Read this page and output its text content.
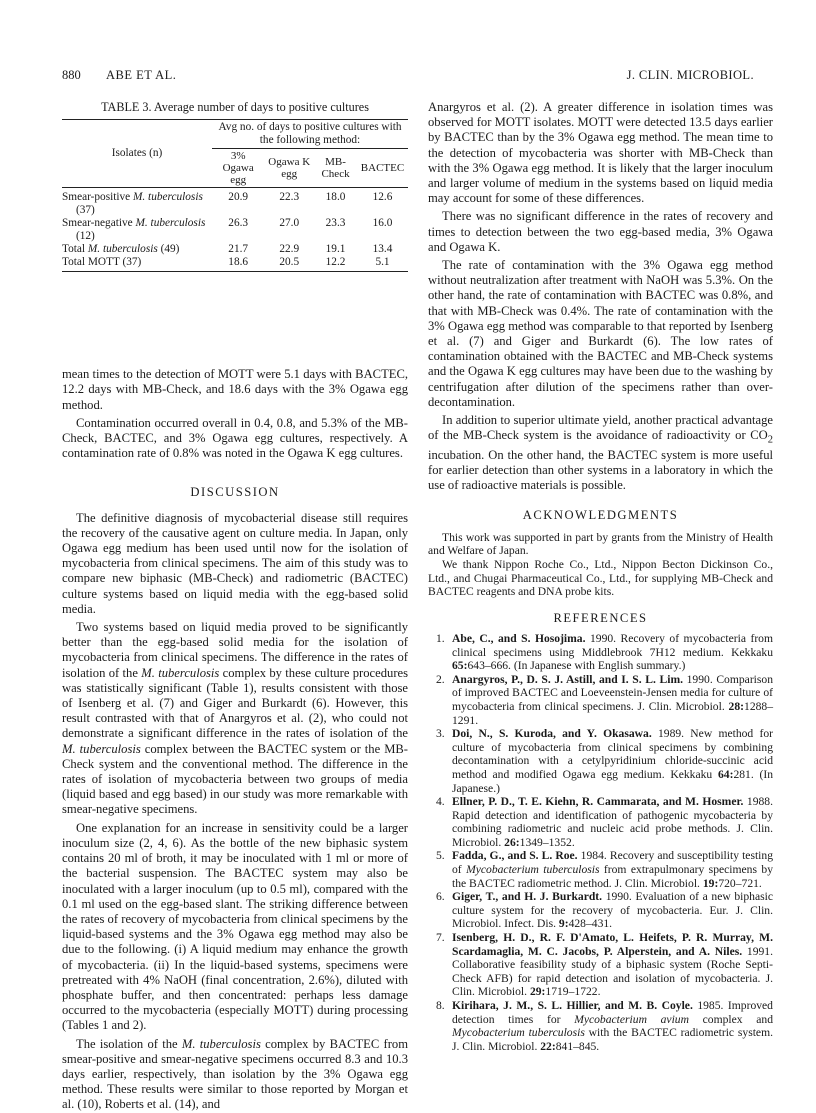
880 ABE ET AL.	J. CLIN. MICROBIOL.
TABLE 3. Average number of days to positive cultures
Isolates (n)	Avg no. of days to positive cultures with the following method:			
	3% Ogawa egg	Ogawa K egg	MB-Check	BACTEC

Smear-positive M. tuberculosis (37)	20.9	22.3	18.0	12.6

Smear-negative M. tuberculosis (12)	26.3	27.0	23.3	16.0

Total M. tuberculosis (49)	21.7	22.9	19.1	13.4

Total MOTT (37)	18.6	20.5	12.2	5.1

mean times to the detection of MOTT were 5.1 days with BACTEC, 12.2 days with MB-Check, and 18.6 days with the 3% Ogawa egg method.

Contamination occurred overall in 0.4, 0.8, and 5.3% of the MB-Check, BACTEC, and 3% Ogawa egg cultures, respectively. A contamination rate of 0.8% was noted in the Ogawa K egg cultures.

DISCUSSION

The definitive diagnosis of mycobacterial disease still requires the recovery of the causative agent on culture media. In Japan, only Ogawa egg medium has been used until now for the isolation of mycobacteria from clinical specimens. The aim of this study was to compare new biphasic (MB-Check) and radiometric (BACTEC) culture systems based on liquid media with the egg-based solid media.

Two systems based on liquid media proved to be significantly better than the egg-based solid media for the isolation of mycobacteria from clinical specimens. The difference in the rates of isolation of the M. tuberculosis complex by these culture procedures was statistically significant (Table 1), results consistent with those of Isenberg et al. (7) and Giger and Burkardt (6). However, this result contrasted with that of Anargyros et al. (2), who could not demonstrate a significant difference in the rates of isolation of the M. tuberculosis complex between the BACTEC system or the MB-Check system and the conventional method. The difference in the rates of isolation of mycobacteria between two groups of media (liquid based and egg based) in our study was more remarkable with smear-negative specimens.

One explanation for an increase in sensitivity could be a larger inoculum size (2, 4, 6). As the bottle of the new biphasic system contains 20 ml of broth, it may be inoculated with 1 ml or more of the bacterial suspension. The BACTEC system may also be inoculated with a larger inoculum (up to 0.5 ml), compared with the 0.1 ml used on the egg-based slant. The striking difference between the rates of recovery of mycobacteria from clinical specimens by the liquid-based systems and the 3% Ogawa egg method may also be due to the following. (i) A liquid medium may enhance the growth of mycobacteria. (ii) In the liquid-based systems, specimens were pretreated with 4% NaOH (final concentration, 2.6%), diluted with phosphate buffer, and then concentrated: perhaps less damage occurred to the mycobacteria (especially MOTT) during processing (Tables 1 and 2).

The isolation of the M. tuberculosis complex by BACTEC from smear-positive and smear-negative specimens occurred 8.3 and 10.3 days earlier, respectively, than isolation by the 3% Ogawa egg method. These results were similar to those reported by Morgan et al. (10), Roberts et al. (14), and

Anargyros et al. (2). A greater difference in isolation times was observed for MOTT isolates. MOTT were detected 13.5 days earlier by BACTEC than by the 3% Ogawa egg method. The mean time to the detection of mycobacteria was shorter with MB-Check than with the 3% Ogawa egg method. It is likely that the larger inoculum and larger volume of medium in the systems based on liquid media may account for some of these differences.

There was no significant difference in the rates of recovery and times to detection between the two egg-based media, 3% Ogawa and Ogawa K.

The rate of contamination with the 3% Ogawa egg method without neutralization after treatment with NaOH was 5.3%. On the other hand, the rate of contamination with BACTEC was 0.8%, and that with MB-Check was 0.4%. The rate of contamination with the 3% Ogawa egg method was comparable to that reported by Isenberg et al. (7) and Giger and Burkardt (6). The low rates of contamination obtained with the BACTEC and MB-Check systems and the Ogawa K egg cultures may have been due to the washing by centrifugation after dilution of the specimens rather than over-decontamination.

In addition to superior ultimate yield, another practical advantage of the MB-Check system is the avoidance of radioactivity or $CO_2$ incubation. On the other hand, the BACTEC system is more useful for earlier detection than other systems in a laboratory in which the use of radioactive materials is possible.

ACKNOWLEDGMENTS

This work was supported in part by grants from the Ministry of Health and Welfare of Japan.

We thank Nippon Roche Co., Ltd., Nippon Becton Dickinson Co., Ltd., and Chugai Pharmaceutical Co., Ltd., for supplying MB-Check and BACTEC reagents and DNA probe kits.

REFERENCES
1. Abe, C., and S. Hosojima. 1990. Recovery of mycobacteria from clinical specimens using Middlebrook 7H12 medium. Kekkaku 65:643–666. (In Japanese with English summary.)
2. Anargyros, P., D. S. J. Astill, and I. S. L. Lim. 1990. Comparison of improved BACTEC and Loeveenstein-Jensen media for culture of mycobacteria from clinical specimens. J. Clin. Microbiol. 28:1288–1291.
3. Doi, N., S. Kuroda, and Y. Okasawa. 1989. New method for culture of mycobacteria from clinical specimens by combining decontamination with a cetylpyridinium chloride-succinic acid method and modified Ogawa egg medium. Kekkaku 64:281. (In Japanese.)
4. Ellner, P. D., T. E. Kiehn, R. Cammarata, and M. Hosmer. 1988. Rapid detection and identification of pathogenic mycobacteria by combining radiometric and nucleic acid probe methods. J. Clin. Microbiol. 26:1349–1352.
5. Fadda, G., and S. L. Roe. 1984. Recovery and susceptibility testing of Mycobacterium tuberculosis from extrapulmonary specimens by the BACTEC radiometric method. J. Clin. Microbiol. 19:720–721.
6. Giger, T., and H. J. Burkardt. 1990. Evaluation of a new biphasic culture system for the recovery of mycobacteria. Eur. J. Clin. Microbiol. Infect. Dis. 9:428–431.
7. Isenberg, H. D., R. F. D'Amato, L. Heifets, P. R. Murray, M. Scardamaglia, M. C. Jacobs, P. Alperstein, and A. Niles. 1991. Collaborative feasibility study of a biphasic system (Roche Septi-Check AFB) for rapid detection and isolation of mycobacteria. J. Clin. Microbiol. 29:1719–1722.
8. Kirihara, J. M., S. L. Hillier, and M. B. Coyle. 1985. Improved detection times for Mycobacterium avium complex and Mycobacterium tuberculosis with the BACTEC radiometric system. J. Clin. Microbiol. 22:841–845.
